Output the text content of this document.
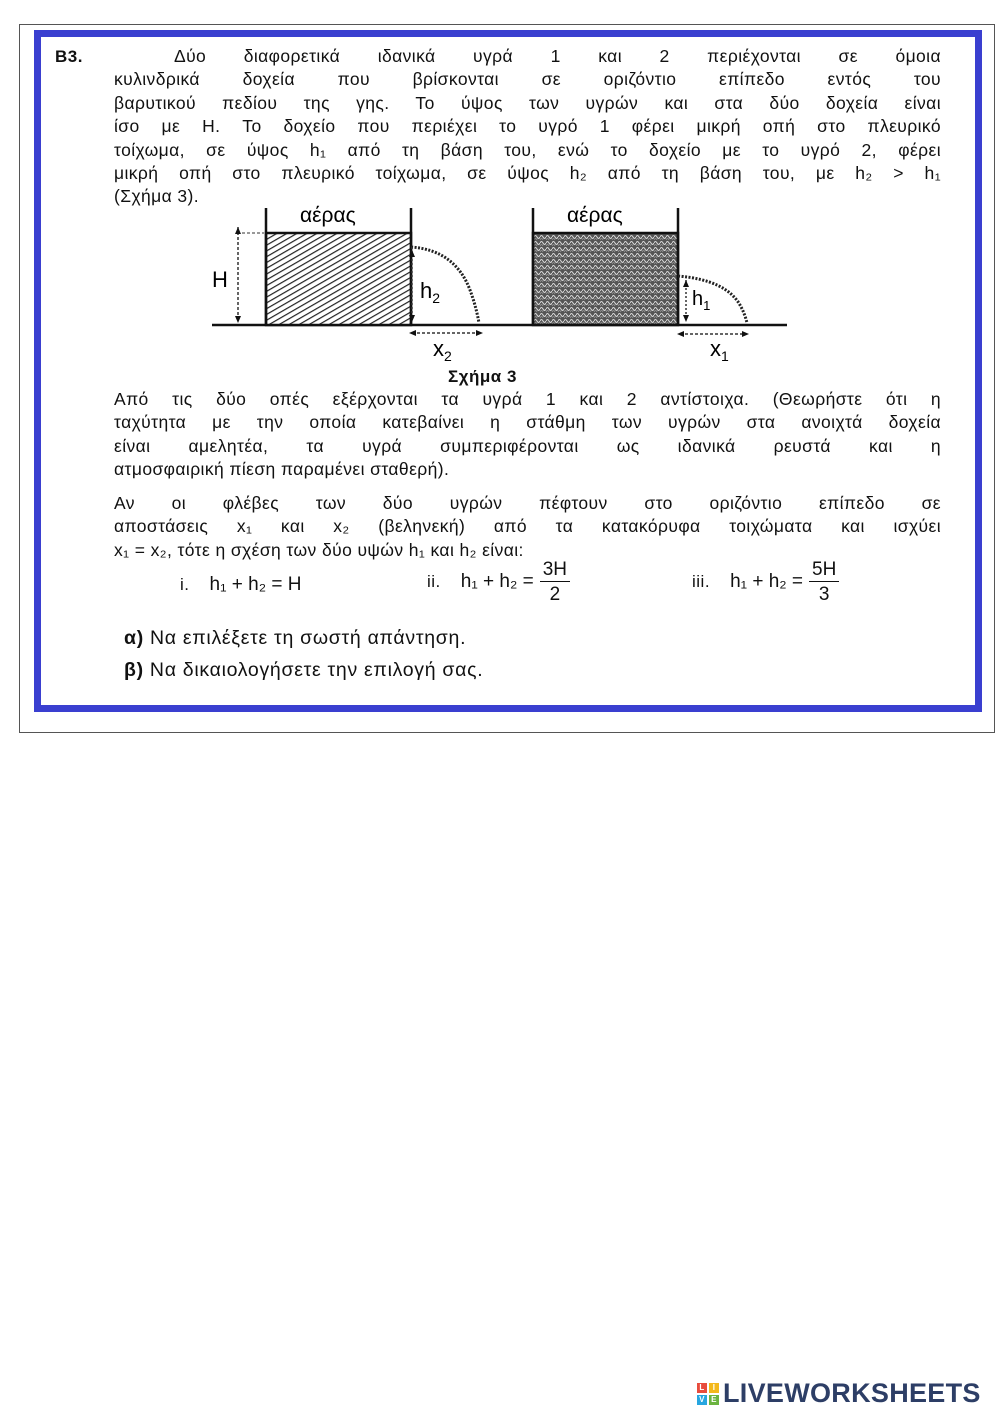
Β3.	Δύο διαφορετικά ιδανικά υγρά 1 και 2 περιέχονται σε όμοια
κυλινδρικά δοχεία που βρίσκονται σε οριζόντιο επίπεδο εντός του
βαρυτικού πεδίου της γης. Το ύψος των υγρών και στα δύο δοχεία είναι
ίσο με H. Το δοχείο που περιέχει το υγρό 1 φέρει μικρή οπή στο πλευρικό
τοίχωμα, σε ύψος h₁ από τη βάση του, ενώ το δοχείο με το υγρό 2, φέρει
μικρή οπή στο πλευρικό τοίχωμα, σε ύψος h₂ από τη βάση του, με h₂ > h₁
(Σχήμα 3).
αέρας	αέρας
H	$h_2$	$h_1$
$x_2$	$x_1$
Σχήμα 3
Από τις δύο οπές εξέρχονται τα υγρά 1 και 2 αντίστοιχα. (Θεωρήστε ότι η
ταχύτητα με την οποία κατεβαίνει η στάθμη των υγρών στα ανοιχτά δοχεία
είναι αμελητέα, τα υγρά συμπεριφέρονται ως ιδανικά ρευστά και η
ατμοσφαιρική πίεση παραμένει σταθερή).
Αν οι φλέβες των δύο υγρών πέφτουν στο οριζόντιο επίπεδο σε
αποστάσεις x₁ και x₂ (βεληνεκή) από τα κατακόρυφα τοιχώματα και ισχύει
x₁ = x₂, τότε η σχέση των δύο υψών h₁ και h₂ είναι:
i. h₁ + h₂ = H	ii. $h_1 + h_2 = \frac{3H}{2}$	iii. $h_1 + h_2 = \frac{5H}{3}$
α) Να επιλέξετε τη σωστή απάντηση.
β) Να δικαιολογήσετε την επιλογή σας.
L	I
V E LIVEWORKSHEETS
